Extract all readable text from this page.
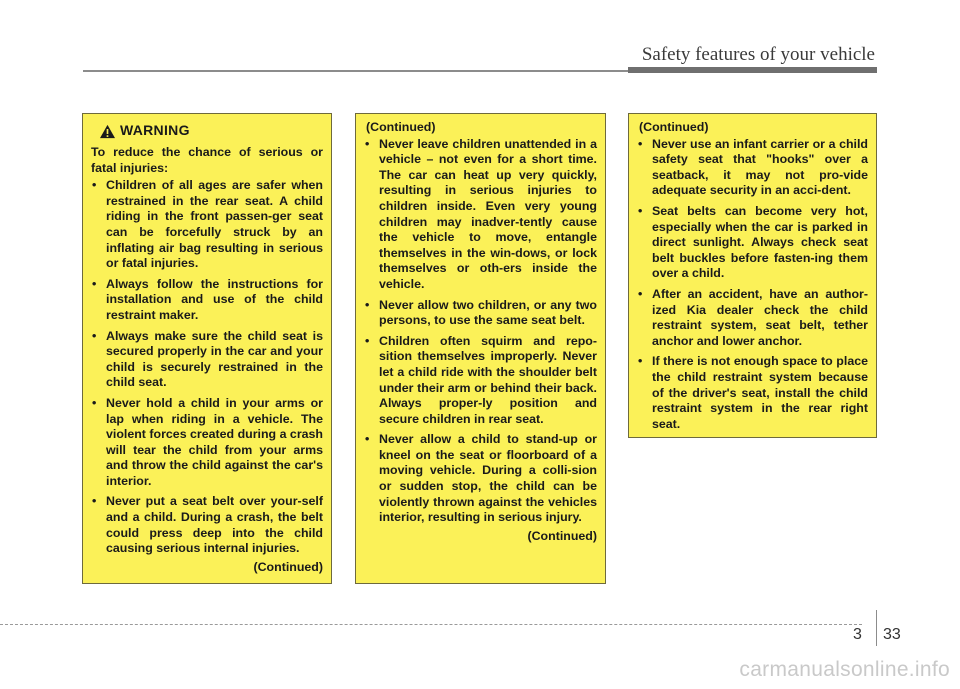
Safety features of your vehicle
WARNING
To reduce the chance of serious or fatal injuries:
• Children of all ages are safer when restrained in the rear seat. A child riding in the front passen-ger seat can be forcefully struck by an inflating air bag resulting in serious or fatal injuries.
• Always follow the instructions for installation and use of the child restraint maker.
• Always make sure the child seat is secured properly in the car and your child is securely restrained in the child seat.
• Never hold a child in your arms or lap when riding in a vehicle. The violent forces created during a crash will tear the child from your arms and throw the child against the car's interior.
• Never put a seat belt over your-self and a child. During a crash, the belt could press deep into the child causing serious internal injuries.
(Continued)
(Continued)
• Never leave children unattended in a vehicle – not even for a short time. The car can heat up very quickly, resulting in serious injuries to children inside. Even very young children may inadver-tently cause the vehicle to move, entangle themselves in the win-dows, or lock themselves or oth-ers inside the vehicle.
• Never allow two children, or any two persons, to use the same seat belt.
• Children often squirm and repo-sition themselves improperly. Never let a child ride with the shoulder belt under their arm or behind their back. Always proper-ly position and secure children in rear seat.
• Never allow a child to stand-up or kneel on the seat or floorboard of a moving vehicle. During a colli-sion or sudden stop, the child can be violently thrown against the vehicles interior, resulting in serious injury.
(Continued)
(Continued)
• Never use an infant carrier or a child safety seat that "hooks" over a seatback, it may not pro-vide adequate security in an acci-dent.
• Seat belts can become very hot, especially when the car is parked in direct sunlight. Always check seat belt buckles before fasten-ing them over a child.
• After an accident, have an author-ized Kia dealer check the child restraint system, seat belt, tether anchor and lower anchor.
• If there is not enough space to place the child restraint system because of the driver's seat, install the child restraint system in the rear right seat.
3 33
carmanualsonline.info
